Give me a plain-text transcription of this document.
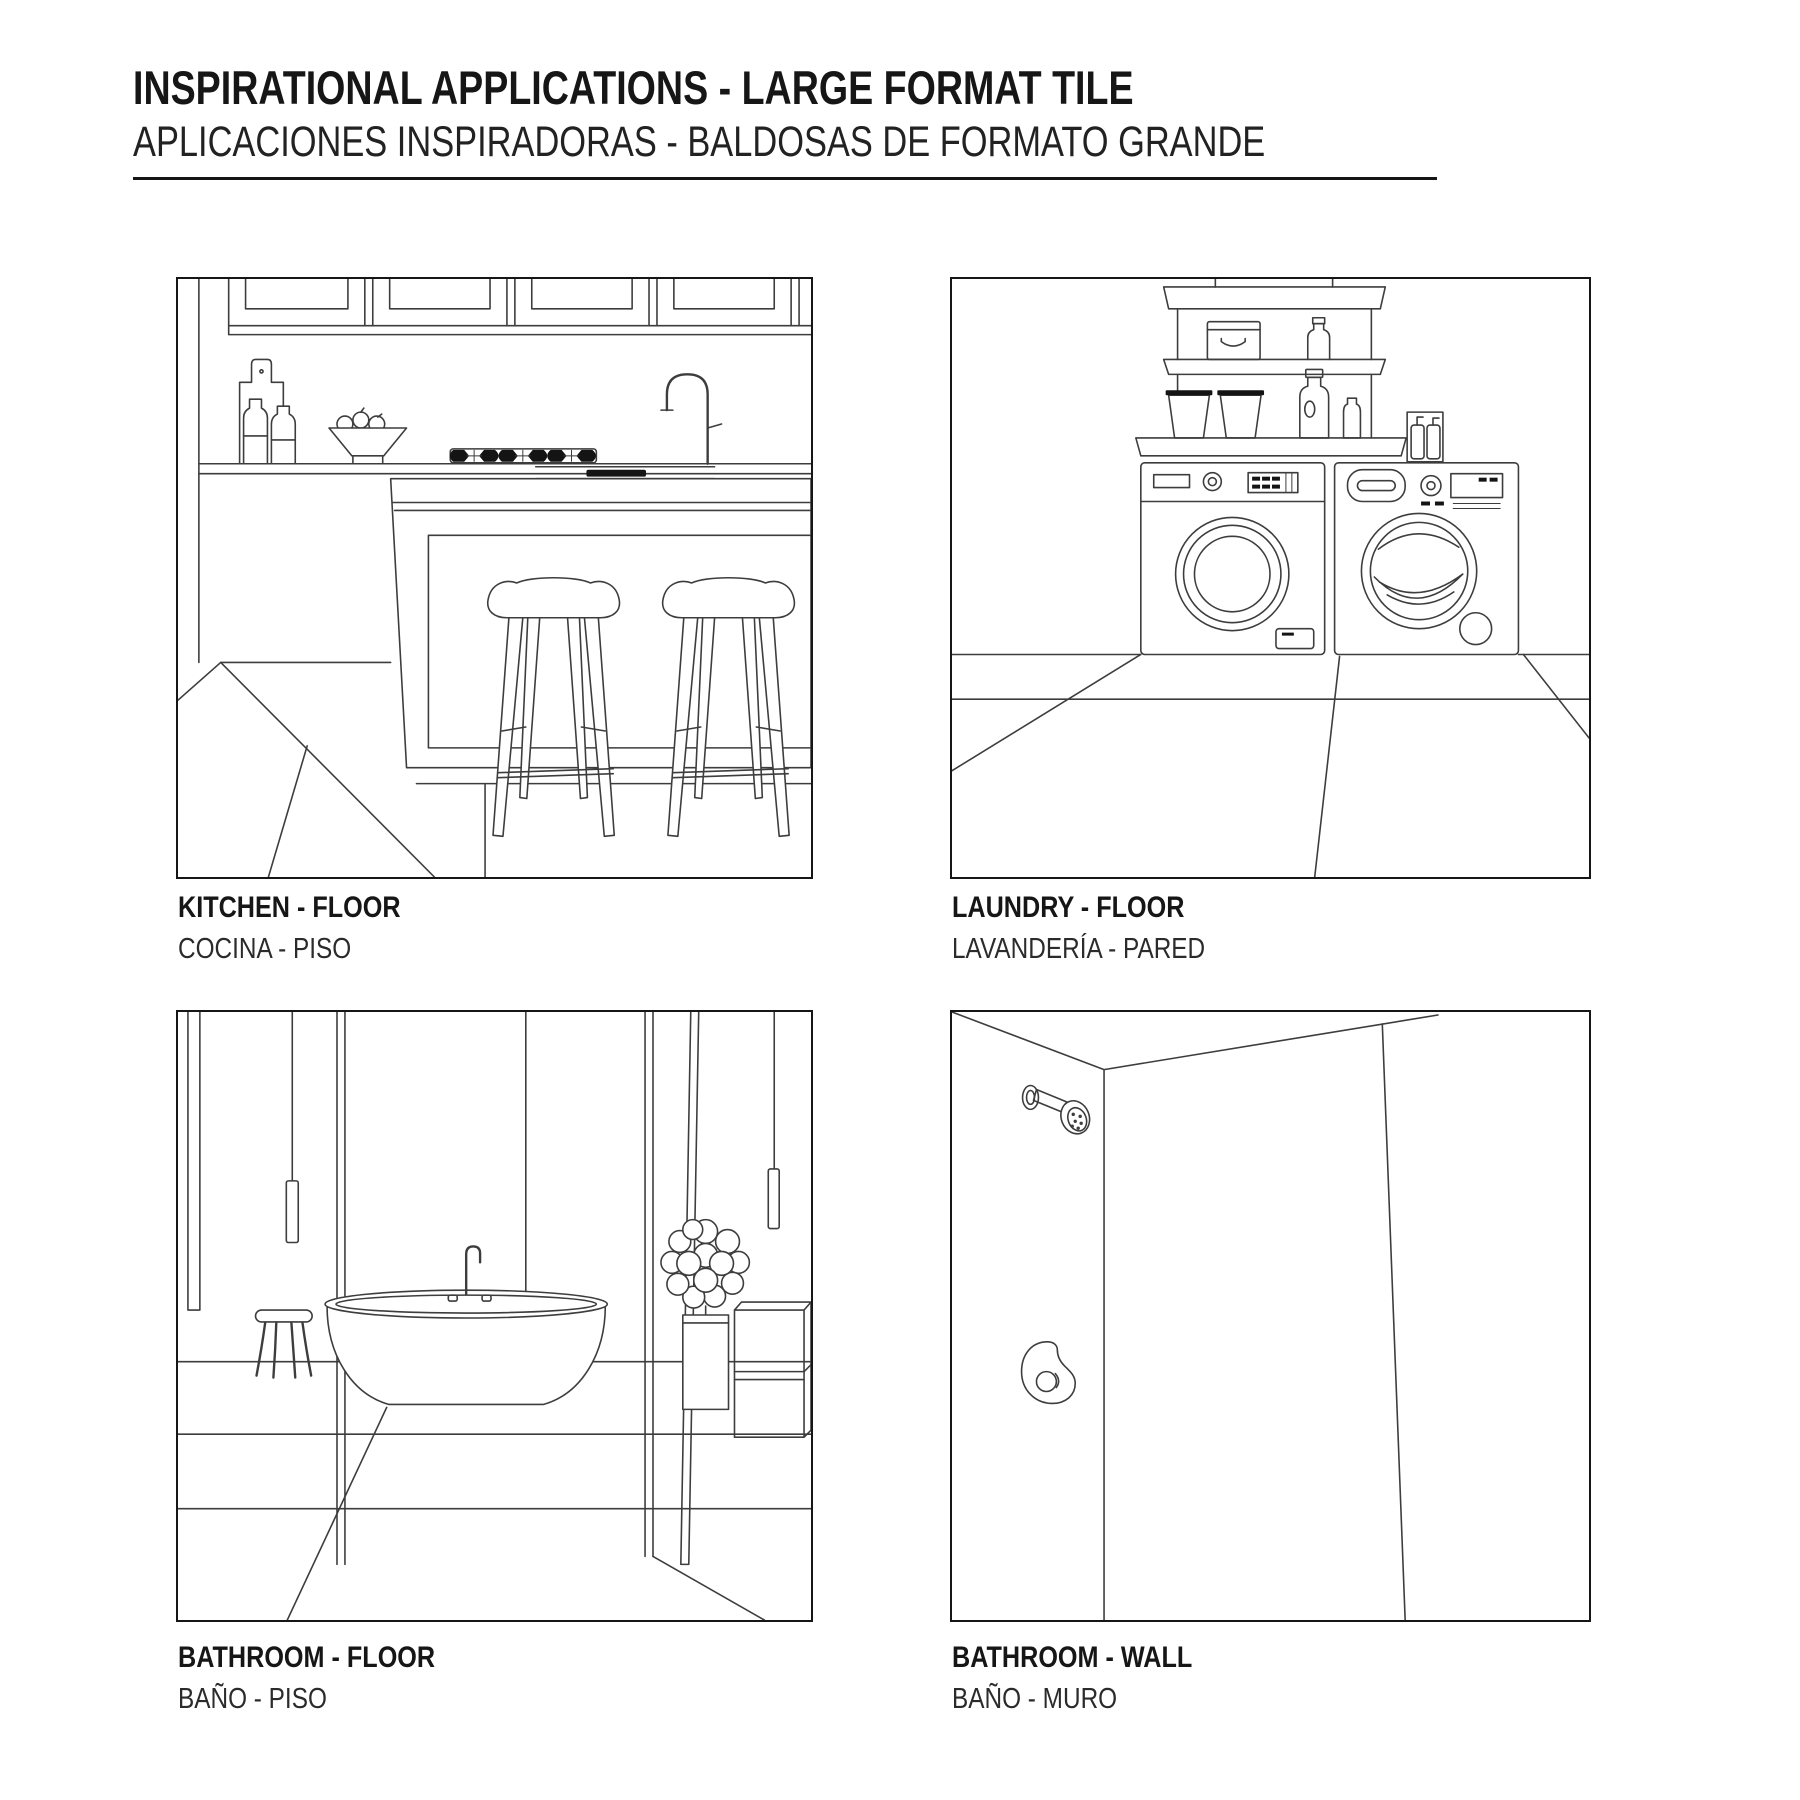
INSPIRATIONAL APPLICATIONS - LARGE FORMAT TILE
APLICACIONES INSPIRADORAS - BALDOSAS DE FORMATO GRANDE
KITCHEN - FLOOR
COCINA - PISO
LAUNDRY - FLOOR
LAVANDERÍA - PARED
BATHROOM - FLOOR
BAÑO - PISO
BATHROOM - WALL
BAÑO - MURO
